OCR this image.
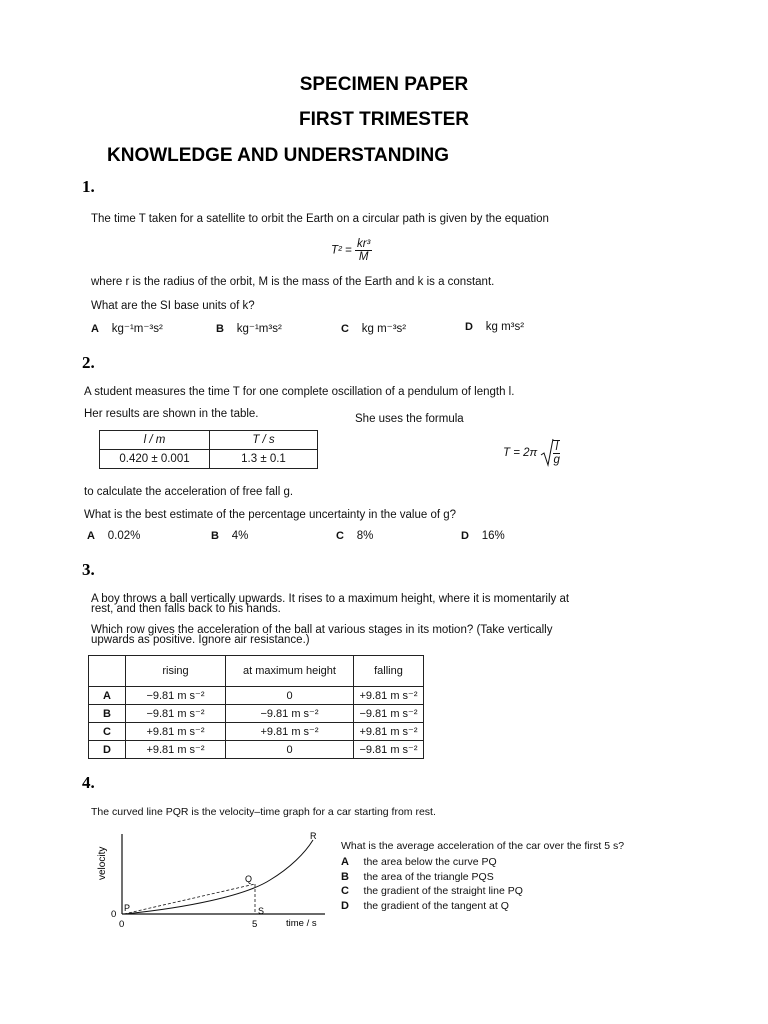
SPECIMEN PAPER
FIRST TRIMESTER
KNOWLEDGE AND UNDERSTANDING
1.
The time T taken for a satellite to orbit the Earth on a circular path is given by the equation
$T^2 = \frac{\text{kr³}}{M}$
where r is the radius of the orbit, M is the mass of the Earth and k is a constant.
What are the SI base units of k?
A kg⁻¹m⁻³s²	B kg⁻¹m³s²	C kg m⁻³s²	D kg m³s²
2.
A student measures the time T for one complete oscillation of a pendulum of length l.
Her results are shown in the table.	She uses the formula
l / m	T / s
0.420 ± 0.001	1.3 ± 0.1	$T = 2\pi \frac{l}{g}$
to calculate the acceleration of free fall g.
What is the best estimate of the percentage uncertainty in the value of g?
A 0.02%	B 4%	C 8%	D 16%
3.
A boy throws a ball vertically upwards. It rises to a maximum height, where it is momentarily at
rest, and then falls back to his hands.
Which row gives the acceleration of the ball at various stages in its motion? (Take vertically
upwards as positive. Ignore air resistance.)
	rising	at maximum height	falling
A	−9.81 m s⁻²	0	+9.81 m s⁻²
B	−9.81 m s⁻²	−9.81 m s⁻²	−9.81 m s⁻²
C	+9.81 m s⁻²	+9.81 m s⁻²	+9.81 m s⁻²
D	+9.81 m s⁻²	0	−9.81 m s⁻²
4.
The curved line PQR is the velocity–time graph for a car starting from rest.
velocity
time / s
0
0
5
P
Q
R
S
What is the average acceleration of the car over the first 5 s?
A the area below the curve PQ
B the area of the triangle PQS
C the gradient of the straight line PQ
D the gradient of the tangent at Q
